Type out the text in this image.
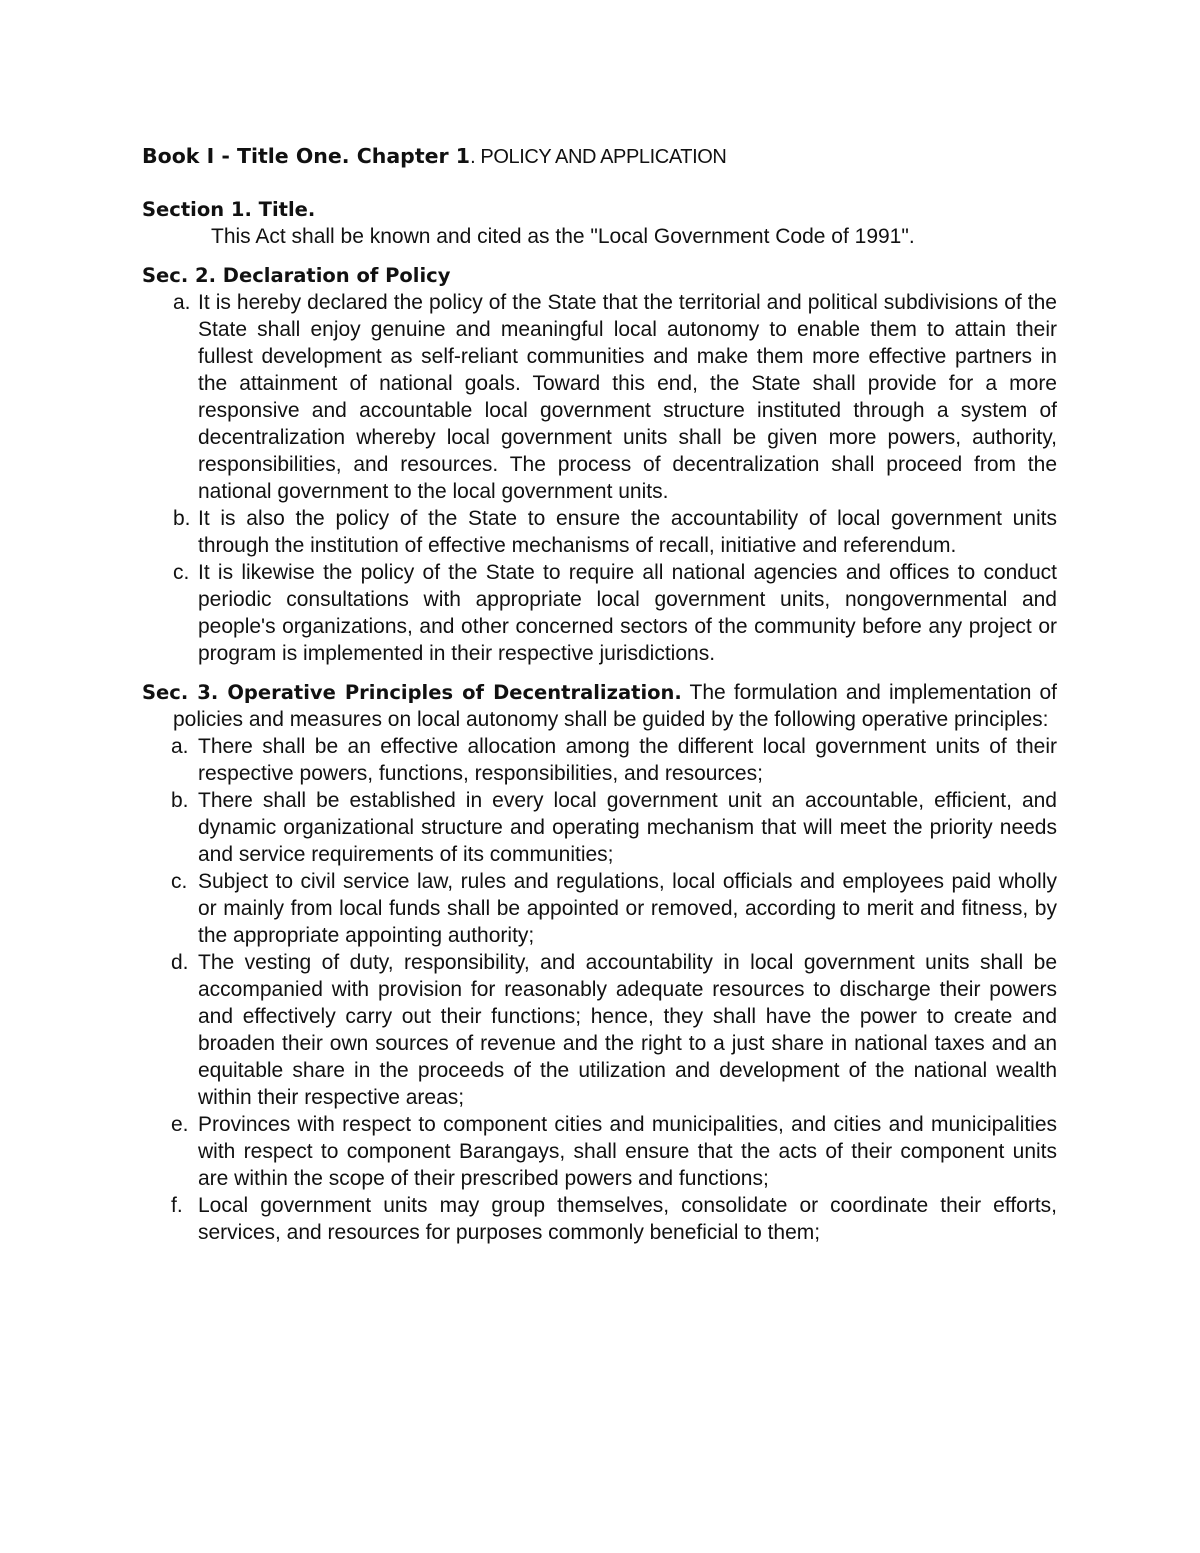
Book I - Title One. Chapter 1. POLICY AND APPLICATION
Section 1. Title.
This Act shall be known and cited as the "Local Government Code of 1991".
Sec. 2. Declaration of Policy
a. It is hereby declared the policy of the State that the territorial and political subdivisions of the State shall enjoy genuine and meaningful local autonomy to enable them to attain their fullest development as self-reliant communities and make them more effective partners in the attainment of national goals. Toward this end, the State shall provide for a more responsive and accountable local government structure instituted through a system of decentralization whereby local government units shall be given more powers, authority, responsibilities, and resources. The process of decentralization shall proceed from the national government to the local government units.
b. It is also the policy of the State to ensure the accountability of local government units through the institution of effective mechanisms of recall, initiative and referendum.
c. It is likewise the policy of the State to require all national agencies and offices to conduct periodic consultations with appropriate local government units, nongovernmental and people's organizations, and other concerned sectors of the community before any project or program is implemented in their respective jurisdictions.

Sec. 3. Operative Principles of Decentralization. The formulation and implementation of policies and measures on local autonomy shall be guided by the following operative principles:

a. There shall be an effective allocation among the different local government units of their respective powers, functions, responsibilities, and resources;
b. There shall be established in every local government unit an accountable, efficient, and dynamic organizational structure and operating mechanism that will meet the priority needs and service requirements of its communities;
c. Subject to civil service law, rules and regulations, local officials and employees paid wholly or mainly from local funds shall be appointed or removed, according to merit and fitness, by the appropriate appointing authority;
d. The vesting of duty, responsibility, and accountability in local government units shall be accompanied with provision for reasonably adequate resources to discharge their powers and effectively carry out their functions; hence, they shall have the power to create and broaden their own sources of revenue and the right to a just share in national taxes and an equitable share in the proceeds of the utilization and development of the national wealth within their respective areas;
e. Provinces with respect to component cities and municipalities, and cities and municipalities with respect to component Barangays, shall ensure that the acts of their component units are within the scope of their prescribed powers and functions;
f. Local government units may group themselves, consolidate or coordinate their efforts, services, and resources for purposes commonly beneficial to them;
